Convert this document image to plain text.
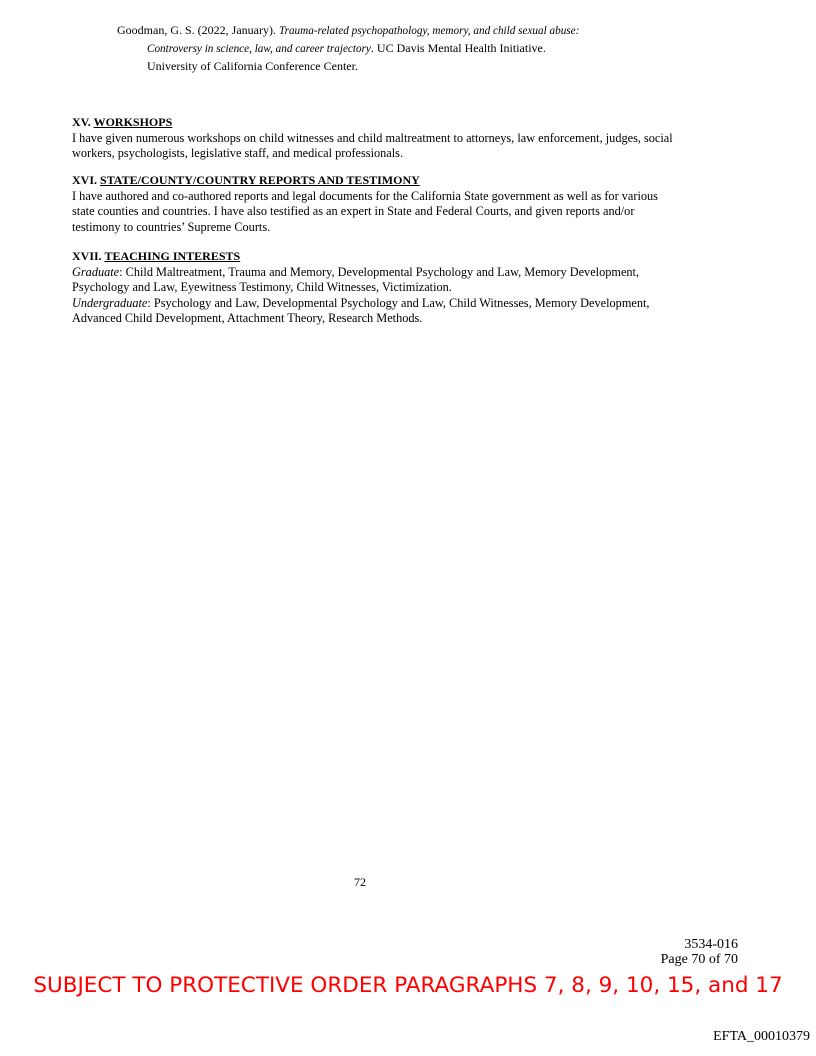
Goodman, G. S. (2022, January). Trauma-related psychopathology, memory, and child sexual abuse:
Controversy in science, law, and career trajectory. UC Davis Mental Health Initiative.
University of California Conference Center.
XV. WORKSHOPS

I have given numerous workshops on child witnesses and child maltreatment to attorneys, law enforcement, judges, social workers, psychologists, legislative staff, and medical professionals.

XVI. STATE/COUNTY/COUNTRY REPORTS AND TESTIMONY

I have authored and co-authored reports and legal documents for the California State government as well as for various state counties and countries. I have also testified as an expert in State and Federal Courts, and given reports and/or testimony to countries’ Supreme Courts.

XVII. TEACHING INTERESTS

Graduate: Child Maltreatment, Trauma and Memory, Developmental Psychology and Law, Memory Development, Psychology and Law, Eyewitness Testimony, Child Witnesses, Victimization.

Undergraduate: Psychology and Law, Developmental Psychology and Law, Child Witnesses, Memory Development, Advanced Child Development, Attachment Theory, Research Methods.

72
3534-016
Page 70 of 70
SUBJECT TO PROTECTIVE ORDER PARAGRAPHS 7, 8, 9, 10, 15, and 17
EFTA_00010379
